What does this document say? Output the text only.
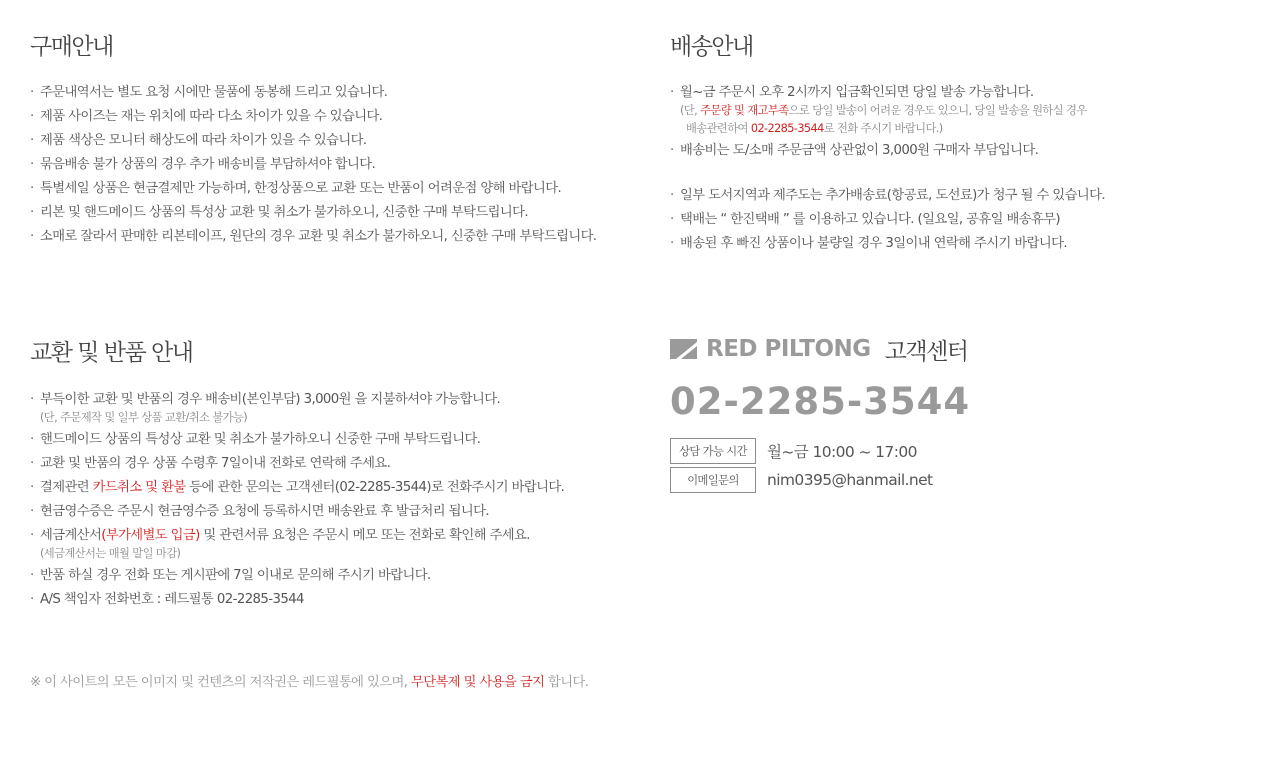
구매안내
· 주문내역서는 별도 요청 시에만 물품에 동봉해 드리고 있습니다.
· 제품 사이즈는 재는 위치에 따라 다소 차이가 있을 수 있습니다.
· 제품 색상은 모니터 해상도에 따라 차이가 있을 수 있습니다.
· 묶음배송 불가 상품의 경우 추가 배송비를 부담하셔야 합니다.
· 특별세일 상품은 현금결제만 가능하며, 한정상품으로 교환 또는 반품이 어려운점 양해 바랍니다.
· 리본 및 핸드메이드 상품의 특성상 교환 및 취소가 불가하오니, 신중한 구매 부탁드립니다.
· 소매로 잘라서 판매한 리본테이프, 원단의 경우 교환 및 취소가 불가하오니, 신중한 구매 부탁드립니다.
배송안내
· 월~금 주문시 오후 2시까지 입금확인되면 당일 발송 가능합니다.
(단, 주문량 및 재고부족으로 당일 발송이 어려운 경우도 있으니, 당일 발송을 원하실 경우
배송관련하여 02-2285-3544로 전화 주시기 바랍니다.)
· 배송비는 도/소매 주문금액 상관없이 3,000원 구매자 부담입니다.
· 일부 도서지역과 제주도는 추가배송료(항공료, 도선료)가 청구 될 수 있습니다.
· 택배는 “ 한진택배 ” 를 이용하고 있습니다. (일요일, 공휴일 배송휴무)
· 배송된 후 빠진 상품이나 불량일 경우 3일이내 연락해 주시기 바랍니다.
교환 및 반품 안내
· 부득이한 교환 및 반품의 경우 배송비(본인부담) 3,000원 을 지불하셔야 가능합니다.
(단, 주문제작 및 일부 상품 교환/취소 불가능)
· 핸드메이드 상품의 특성상 교환 및 취소가 불가하오니 신중한 구매 부탁드립니다.
· 교환 및 반품의 경우 상품 수령후 7일이내 전화로 연락해 주세요.
· 결제관련 카드취소 및 환불 등에 관한 문의는 고객센터(02-2285-3544)로 전화주시기 바랍니다.
· 현금영수증은 주문시 현금영수증 요청에 등록하시면 배송완료 후 발급처리 됩니다.
· 세금계산서(부가세별도 입금) 및 관련서류 요청은 주문시 메모 또는 전화로 확인해 주세요.
(세금계산서는 매월 말일 마감)
· 반품 하실 경우 전화 또는 게시판에 7일 이내로 문의해 주시기 바랍니다.
· A/S 책임자 전화번호 : 레드필통 02-2285-3544
RED PILTONG 고객센터
02-2285-3544
상담 가능 시간	월~금 10:00 ~ 17:00
이메일문의	nim0395@hanmail.net
※ 이 사이트의 모든 이미지 및 컨텐츠의 저작권은 레드필통에 있으며, 무단복제 및 사용을 금지 합니다.
